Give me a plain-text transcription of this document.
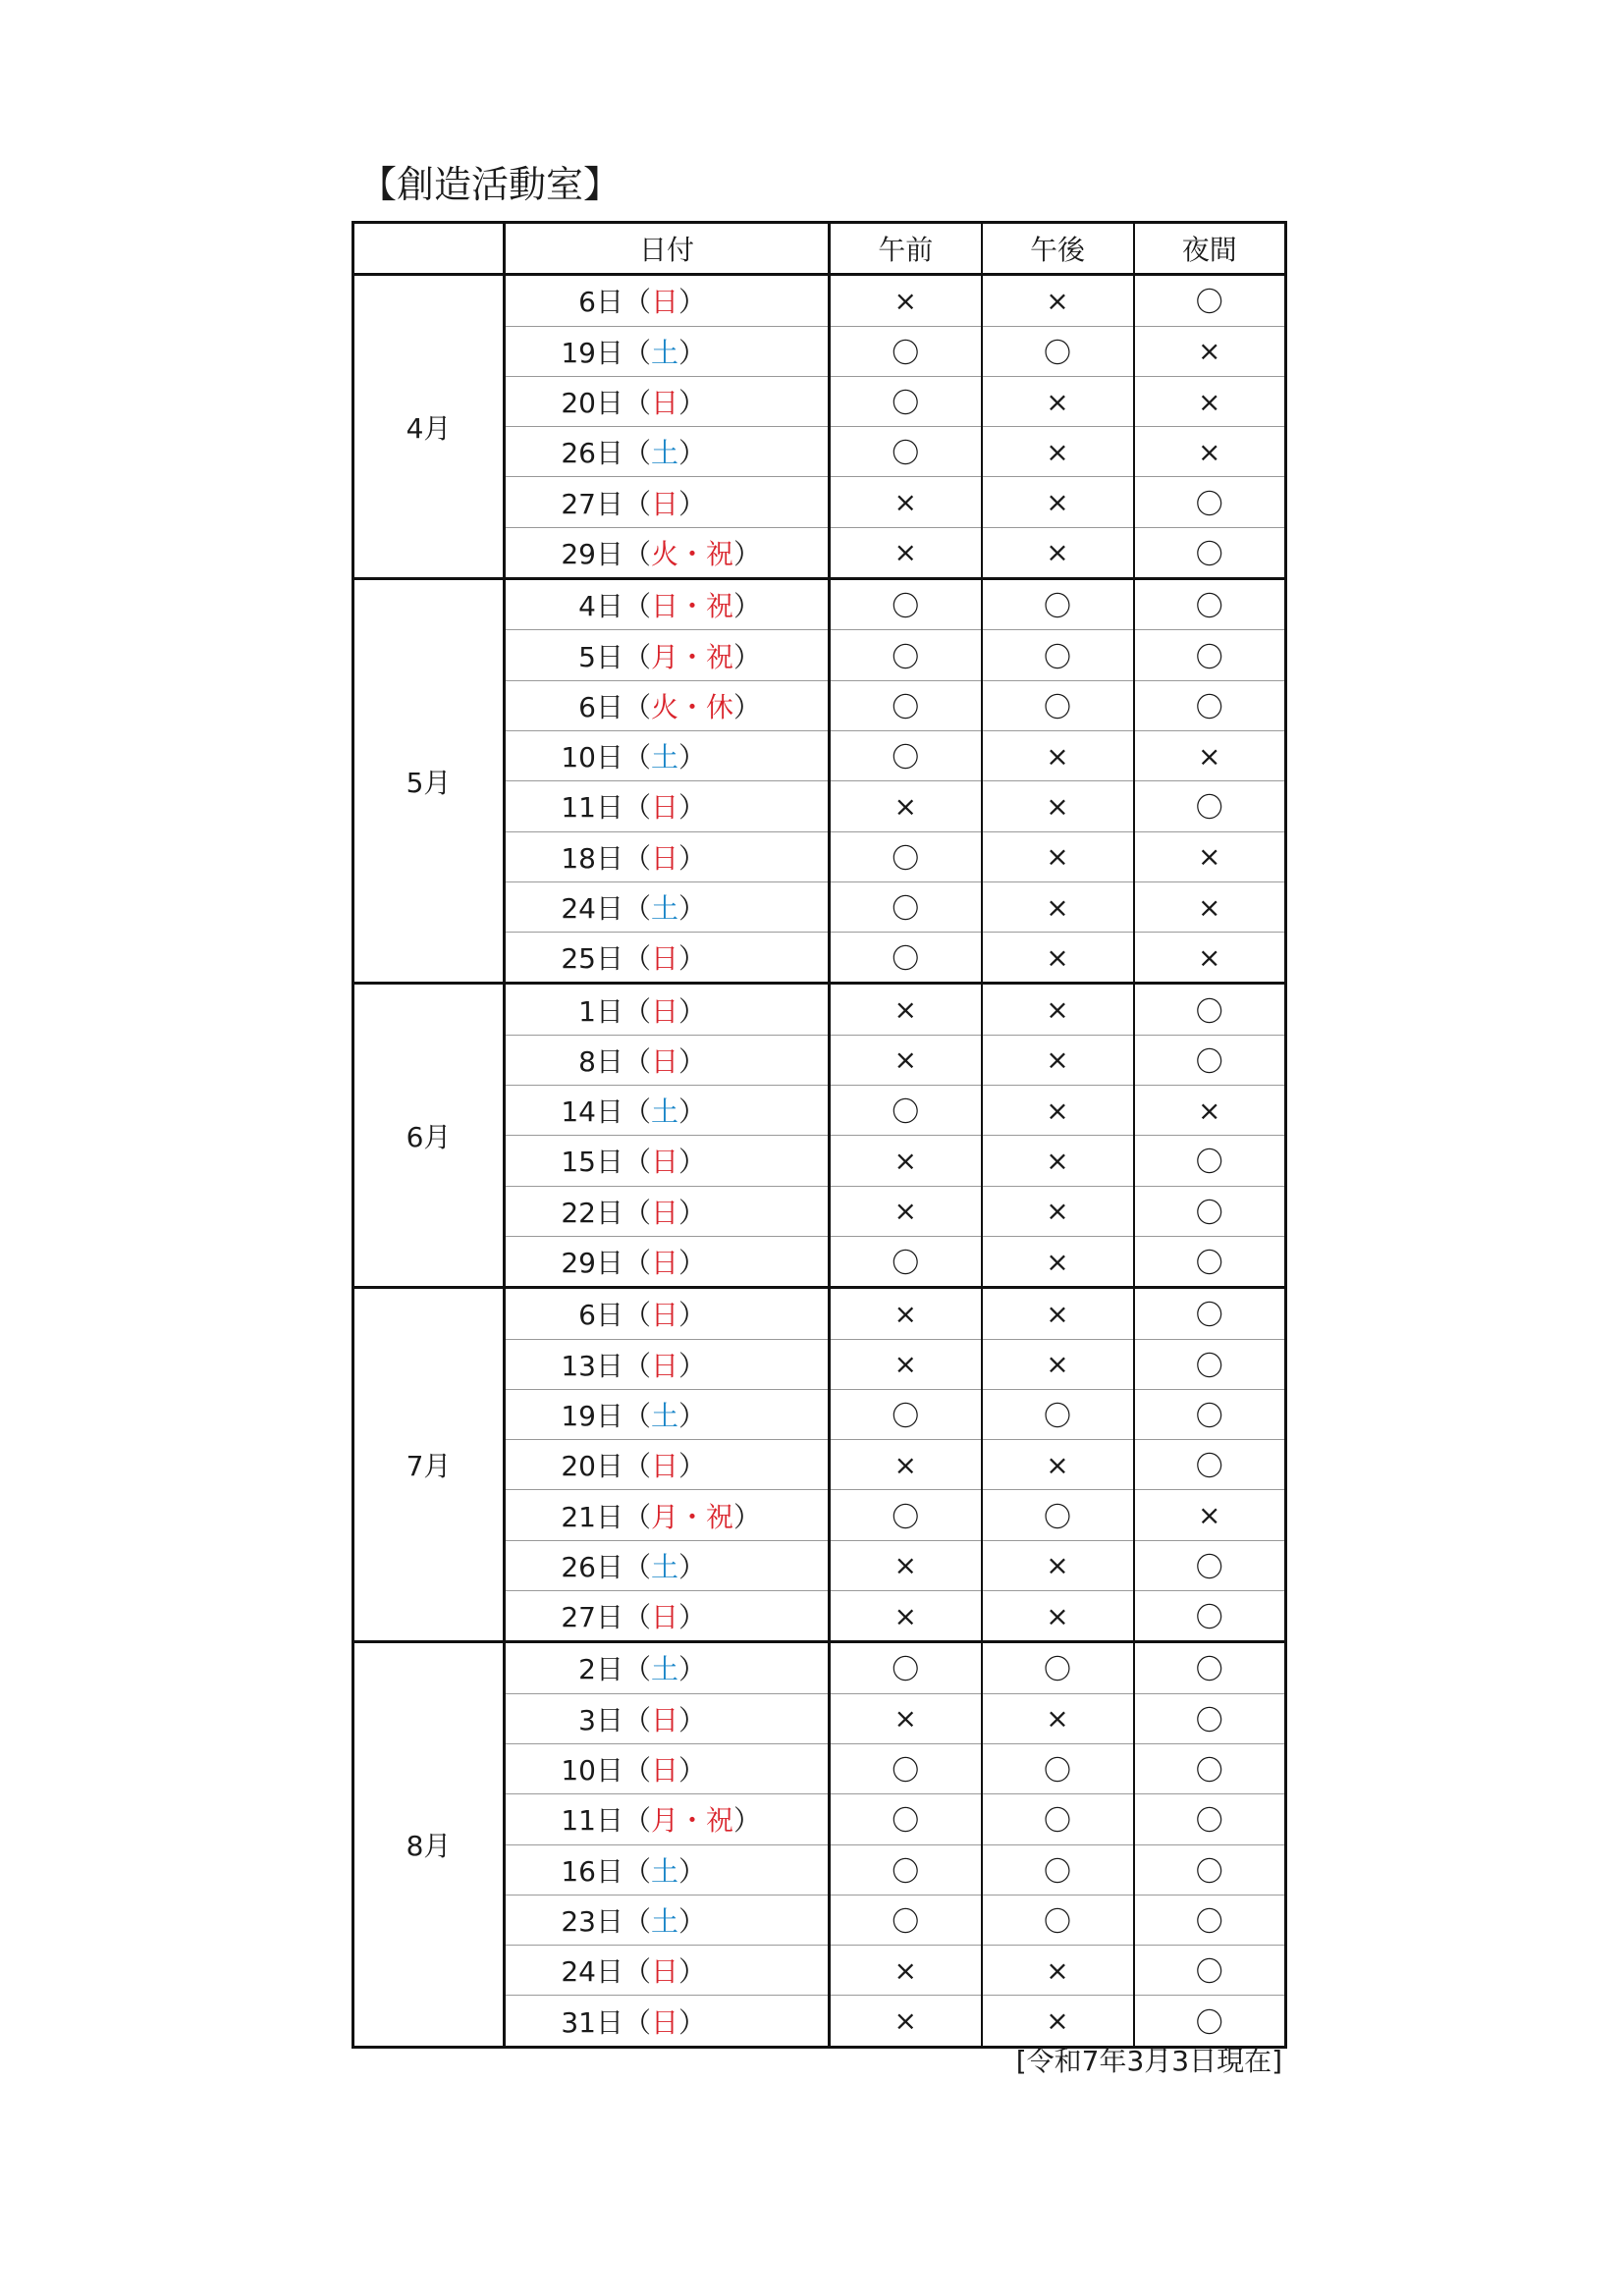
【創造活動室】
	日付	午前	午後	夜間
4月	6日（日）	×	×	〇
	19日（土）	〇	〇	×
	20日（日）	〇	×	×
	26日（土）	〇	×	×
	27日（日）	×	×	〇
	29日（火・祝）	×	×	〇
5月	4日（日・祝）	〇	〇	〇
	5日（月・祝）	〇	〇	〇
	6日（火・休）	〇	〇	〇
	10日（土）	〇	×	×
	11日（日）	×	×	〇
	18日（日）	〇	×	×
	24日（土）	〇	×	×
	25日（日）	〇	×	×
6月	1日（日）	×	×	〇
	8日（日）	×	×	〇
	14日（土）	〇	×	×
	15日（日）	×	×	〇
	22日（日）	×	×	〇
	29日（日）	〇	×	〇
7月	6日（日）	×	×	〇
	13日（日）	×	×	〇
	19日（土）	〇	〇	〇
	20日（日）	×	×	〇
	21日（月・祝）	〇	〇	×
	26日（土）	×	×	〇
	27日（日）	×	×	〇
8月	2日（土）	〇	〇	〇
	3日（日）	×	×	〇
	10日（日）	〇	〇	〇
	11日（月・祝）	〇	〇	〇
	16日（土）	〇	〇	〇
	23日（土）	〇	〇	〇
	24日（日）	×	×	〇
	31日（日）	×	×	〇
[令和7年3月3日現在]
